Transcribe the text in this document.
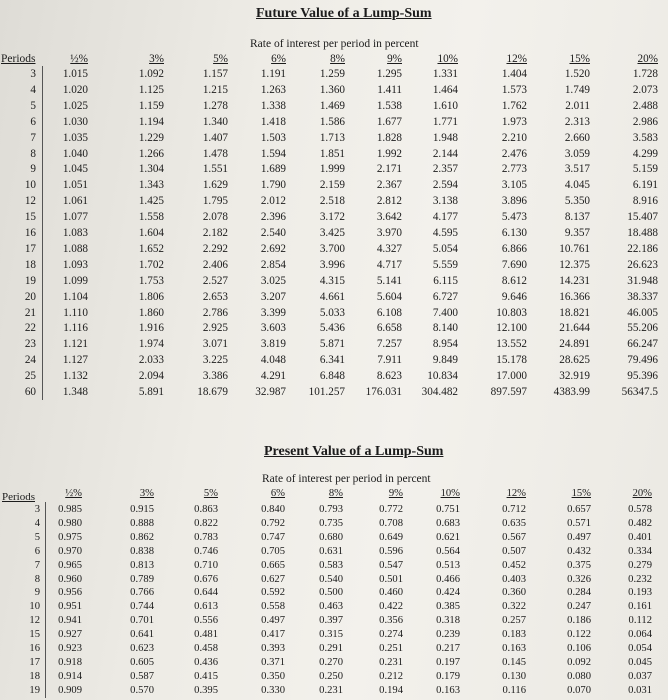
Future Value of a Lump-Sum
Rate of interest per period in percent
Periods	½%	3%	5%	6%	8%	9%	10%	12%	15%	20%
3	1.015	1.092	1.157	1.191	1.259	1.295	1.331	1.404	1.520	1.728
4	1.020	1.125	1.215	1.263	1.360	1.411	1.464	1.573	1.749	2.073
5	1.025	1.159	1.278	1.338	1.469	1.538	1.610	1.762	2.011	2.488
6	1.030	1.194	1.340	1.418	1.586	1.677	1.771	1.973	2.313	2.986
7	1.035	1.229	1.407	1.503	1.713	1.828	1.948	2.210	2.660	3.583
8	1.040	1.266	1.478	1.594	1.851	1.992	2.144	2.476	3.059	4.299
9	1.045	1.304	1.551	1.689	1.999	2.171	2.357	2.773	3.517	5.159
10	1.051	1.343	1.629	1.790	2.159	2.367	2.594	3.105	4.045	6.191
12	1.061	1.425	1.795	2.012	2.518	2.812	3.138	3.896	5.350	8.916
15	1.077	1.558	2.078	2.396	3.172	3.642	4.177	5.473	8.137	15.407
16	1.083	1.604	2.182	2.540	3.425	3.970	4.595	6.130	9.357	18.488
17	1.088	1.652	2.292	2.692	3.700	4.327	5.054	6.866	10.761	22.186
18	1.093	1.702	2.406	2.854	3.996	4.717	5.559	7.690	12.375	26.623
19	1.099	1.753	2.527	3.025	4.315	5.141	6.115	8.612	14.231	31.948
20	1.104	1.806	2.653	3.207	4.661	5.604	6.727	9.646	16.366	38.337
21	1.110	1.860	2.786	3.399	5.033	6.108	7.400	10.803	18.821	46.005
22	1.116	1.916	2.925	3.603	5.436	6.658	8.140	12.100	21.644	55.206
23	1.121	1.974	3.071	3.819	5.871	7.257	8.954	13.552	24.891	66.247
24	1.127	2.033	3.225	4.048	6.341	7.911	9.849	15.178	28.625	79.496
25	1.132	2.094	3.386	4.291	6.848	8.623	10.834	17.000	32.919	95.396
60	1.348	5.891	18.679	32.987	101.257	176.031	304.482	897.597	4383.99	56347.5
Present Value of a Lump-Sum
Rate of interest per period in percent
Periods	½%	3%	5%	6%	8%	9%	10%	12%	15%	20%
3	0.985	0.915	0.863	0.840	0.793	0.772	0.751	0.712	0.657	0.578
4	0.980	0.888	0.822	0.792	0.735	0.708	0.683	0.635	0.571	0.482
5	0.975	0.862	0.783	0.747	0.680	0.649	0.621	0.567	0.497	0.401
6	0.970	0.838	0.746	0.705	0.631	0.596	0.564	0.507	0.432	0.334
7	0.965	0.813	0.710	0.665	0.583	0.547	0.513	0.452	0.375	0.279
8	0.960	0.789	0.676	0.627	0.540	0.501	0.466	0.403	0.326	0.232
9	0.956	0.766	0.644	0.592	0.500	0.460	0.424	0.360	0.284	0.193
10	0.951	0.744	0.613	0.558	0.463	0.422	0.385	0.322	0.247	0.161
12	0.941	0.701	0.556	0.497	0.397	0.356	0.318	0.257	0.186	0.112
15	0.927	0.641	0.481	0.417	0.315	0.274	0.239	0.183	0.122	0.064
16	0.923	0.623	0.458	0.393	0.291	0.251	0.217	0.163	0.106	0.054
17	0.918	0.605	0.436	0.371	0.270	0.231	0.197	0.145	0.092	0.045
18	0.914	0.587	0.415	0.350	0.250	0.212	0.179	0.130	0.080	0.037
19	0.909	0.570	0.395	0.330	0.231	0.194	0.163	0.116	0.070	0.031
